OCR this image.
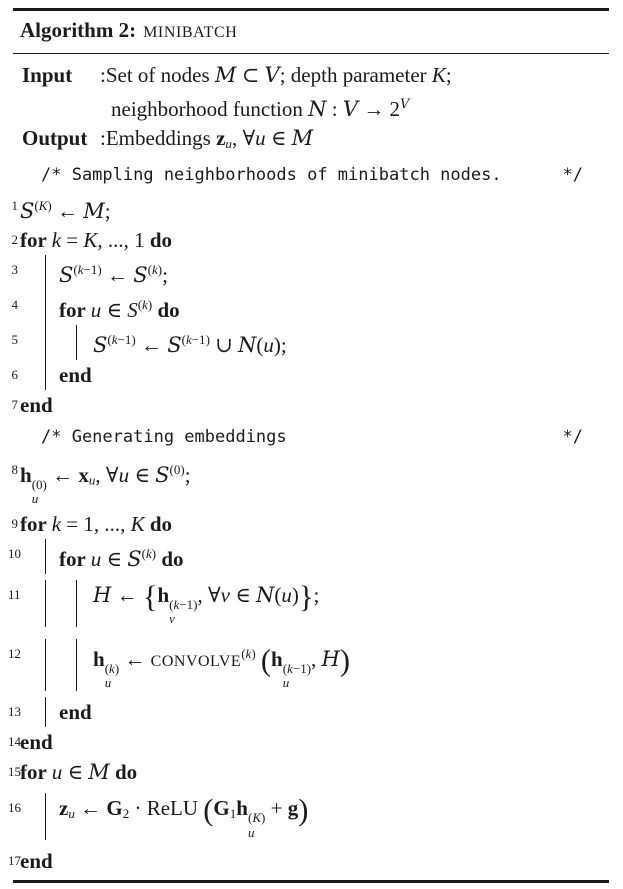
Algorithm 2: MINIBATCH
Input	: Set of nodes M ⊂ V; depth parameter K;
neighborhood function N : $V \to 2^V$
Output : Embeddings $z_u$, ∀u ∈ M
/* Sampling neighborhoods of minibatch nodes.	*/
1 $S^{(K)}$ ← M;
2 for k = K, ..., 1 do
3 $S^{(k-1)}$ ← $S^{(k)}$;
4 for u ∈ $S^{(k)}$ do
5	$S^{(k-1)}$ ← $S^{(k-1)}$ ∪ N(u);
6 end
7 end
/* Generating embeddings	*/
8 h (0)
u
← $x_u$, ∀u ∈ $S^{(0)}$;
9 for k = 1, ..., K do
10 for u ∈ $S^{(k)}$ do
11	H ← {h (k−1)
v
, ∀v ∈ N(u)};
12	h (k)
u
← CONVOLVE$^{(k)}$ (h (k−1)
u
, H)
13 end
14 end
15 for u ∈ M do
16 $z_u$ ← $G_2$ · ReLU ($G_1h$ (K)
u
+ g)
17 end
